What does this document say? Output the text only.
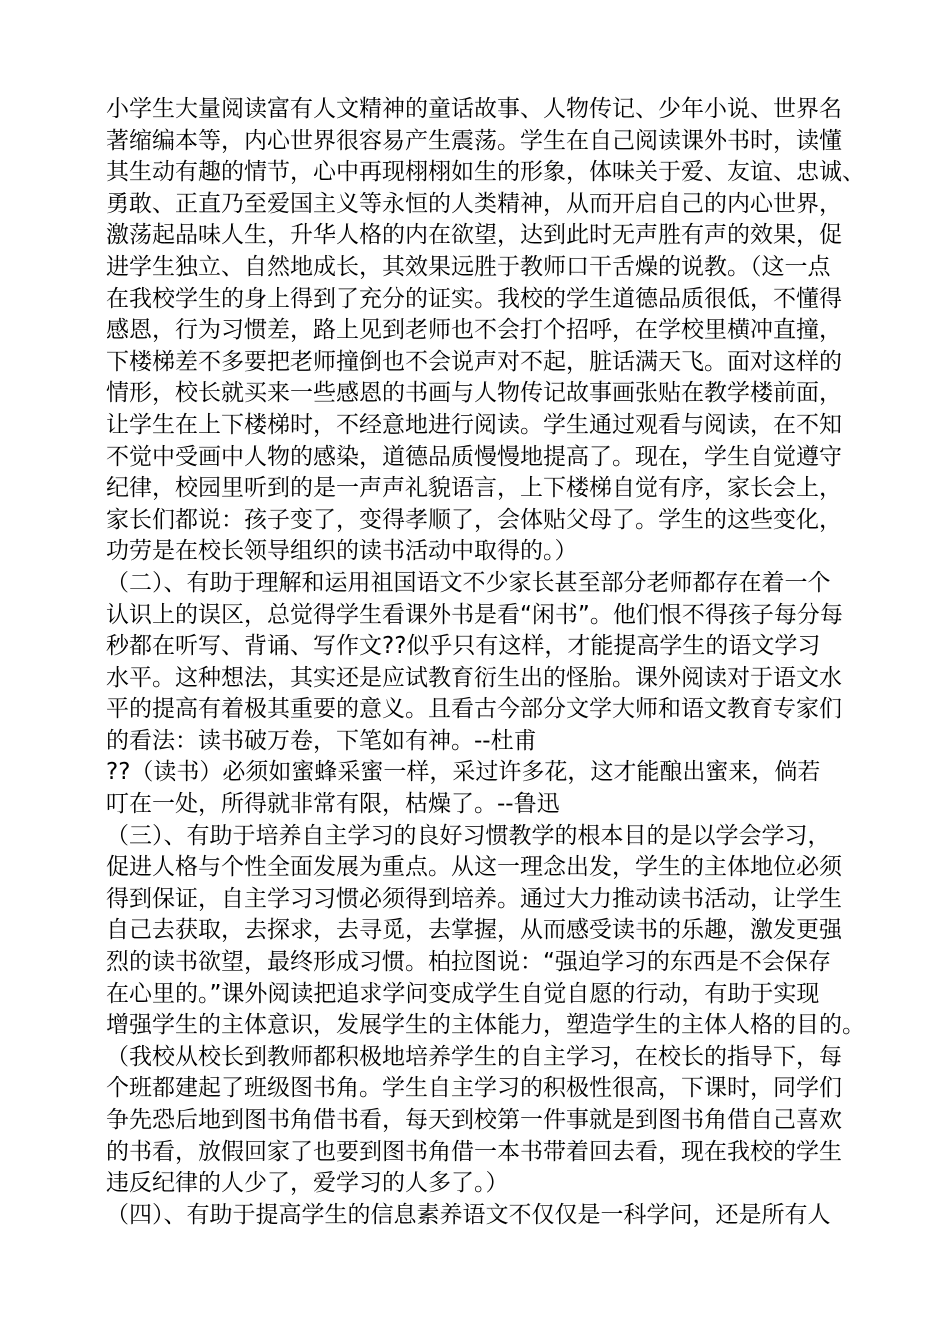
小学生大量阅读富有人文精神的童话故事、人物传记、少年小说、世界名
著缩编本等，内心世界很容易产生震荡。学生在自己阅读课外书时，读懂
其生动有趣的情节，心中再现栩栩如生的形象，体味关于爱、友谊、忠诚、
勇敢、正直乃至爱国主义等永恒的人类精神，从而开启自己的内心世界，
激荡起品味人生，升华人格的内在欲望，达到此时无声胜有声的效果，促
进学生独立、自然地成长，其效果远胜于教师口干舌燥的说教。（这一点
在我校学生的身上得到了充分的证实。我校的学生道德品质很低，不懂得
感恩，行为习惯差，路上见到老师也不会打个招呼，在学校里横冲直撞，
下楼梯差不多要把老师撞倒也不会说声对不起，脏话满天飞。面对这样的
情形，校长就买来一些感恩的书画与人物传记故事画张贴在教学楼前面，
让学生在上下楼梯时，不经意地进行阅读。学生通过观看与阅读，在不知
不觉中受画中人物的感染，道德品质慢慢地提高了。现在，学生自觉遵守
纪律，校园里听到的是一声声礼貌语言，上下楼梯自觉有序，家长会上，
家长们都说：孩子变了，变得孝顺了，会体贴父母了。学生的这些变化，
功劳是在校长领导组织的读书活动中取得的。）
（二）、有助于理解和运用祖国语文不少家长甚至部分老师都存在着一个
认识上的误区，总觉得学生看课外书是看“闲书”。他们恨不得孩子每分每
秒都在听写、背诵、写作文??似乎只有这样，才能提高学生的语文学习
水平。这种想法，其实还是应试教育衍生出的怪胎。课外阅读对于语文水
平的提高有着极其重要的意义。且看古今部分文学大师和语文教育专家们
的看法：读书破万卷，下笔如有神。--杜甫
??（读书）必须如蜜蜂采蜜一样，采过许多花，这才能酿出蜜来，倘若
叮在一处，所得就非常有限，枯燥了。--鲁迅
（三）、有助于培养自主学习的良好习惯教学的根本目的是以学会学习，
促进人格与个性全面发展为重点。从这一理念出发，学生的主体地位必须
得到保证，自主学习习惯必须得到培养。通过大力推动读书活动，让学生
自己去获取，去探求，去寻觅，去掌握，从而感受读书的乐趣，激发更强
烈的读书欲望，最终形成习惯。柏拉图说：“强迫学习的东西是不会保存
在心里的。”课外阅读把追求学问变成学生自觉自愿的行动，有助于实现
增强学生的主体意识，发展学生的主体能力，塑造学生的主体人格的目的。
（我校从校长到教师都积极地培养学生的自主学习，在校长的指导下，每
个班都建起了班级图书角。学生自主学习的积极性很高，下课时，同学们
争先恐后地到图书角借书看，每天到校第一件事就是到图书角借自己喜欢
的书看，放假回家了也要到图书角借一本书带着回去看，现在我校的学生
违反纪律的人少了，爱学习的人多了。）
（四）、有助于提高学生的信息素养语文不仅仅是一科学问，还是所有人
